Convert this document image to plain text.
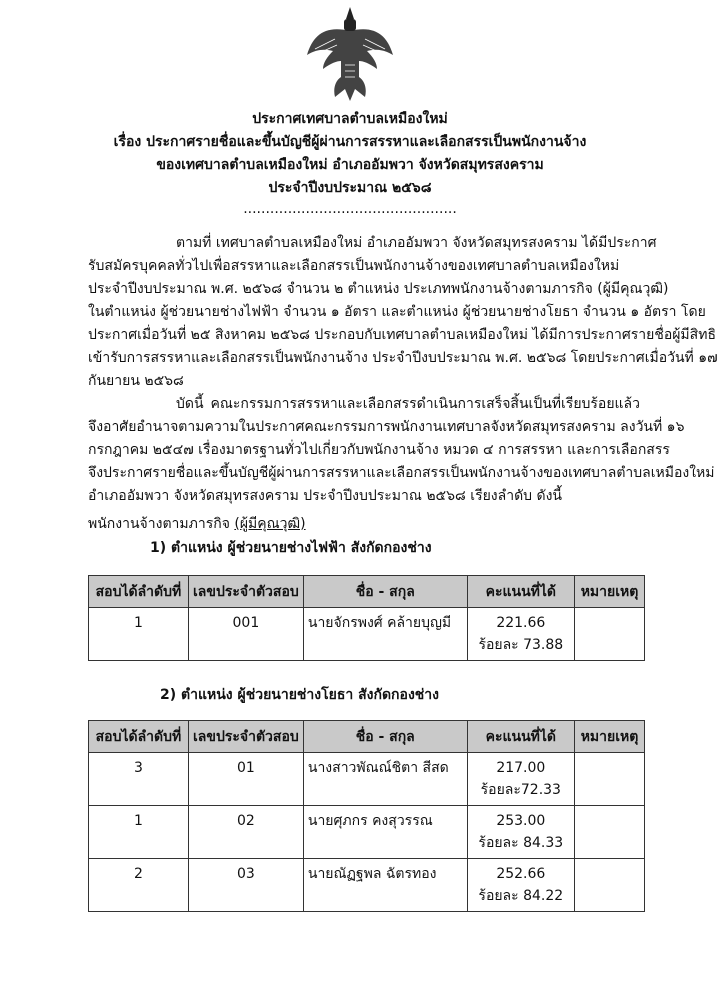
ประกาศเทศบาลตำบลเหมืองใหม่
เรื่อง ประกาศรายชื่อและขึ้นบัญชีผู้ผ่านการสรรหาและเลือกสรรเป็นพนักงานจ้าง
ของเทศบาลตำบลเหมืองใหม่ อำเภออัมพวา จังหวัดสมุทรสงคราม
ประจำปีงบประมาณ ๒๕๖๘
................................................
ตามที่ เทศบาลตำบลเหมืองใหม่ อำเภออัมพวา จังหวัดสมุทรสงคราม ได้มีประกาศ
รับสมัครบุคคลทั่วไปเพื่อสรรหาและเลือกสรรเป็นพนักงานจ้างของเทศบาลตำบลเหมืองใหม่
ประจำปีงบประมาณ พ.ศ. ๒๕๖๘ จำนวน ๒ ตำแหน่ง ประเภทพนักงานจ้างตามภารกิจ (ผู้มีคุณวุฒิ)
ในตำแหน่ง ผู้ช่วยนายช่างไฟฟ้า จำนวน ๑ อัตรา และตำแหน่ง ผู้ช่วยนายช่างโยธา จำนวน ๑ อัตรา โดย
ประกาศเมื่อวันที่ ๒๕ สิงหาคม ๒๕๖๘ ประกอบกับเทศบาลตำบลเหมืองใหม่ ได้มีการประกาศรายชื่อผู้มีสิทธิ
เข้ารับการสรรหาและเลือกสรรเป็นพนักงานจ้าง ประจำปีงบประมาณ พ.ศ. ๒๕๖๘ โดยประกาศเมื่อวันที่ ๑๗
กันยายน ๒๕๖๘
บัดนี้ คณะกรรมการสรรหาและเลือกสรรดำเนินการเสร็จสิ้นเป็นที่เรียบร้อยแล้ว
จึงอาศัยอำนาจตามความในประกาศคณะกรรมการพนักงานเทศบาลจังหวัดสมุทรสงคราม ลงวันที่ ๑๖
กรกฎาคม ๒๕๔๗ เรื่องมาตรฐานทั่วไปเกี่ยวกับพนักงานจ้าง หมวด ๔ การสรรหา และการเลือกสรร
จึงประกาศรายชื่อและขึ้นบัญชีผู้ผ่านการสรรหาและเลือกสรรเป็นพนักงานจ้างของเทศบาลตำบลเหมืองใหม่
อำเภออัมพวา จังหวัดสมุทรสงคราม ประจำปีงบประมาณ ๒๕๖๘ เรียงลำดับ ดังนี้
พนักงานจ้างตามภารกิจ (ผู้มีคุณวุฒิ)
1) ตำแหน่ง ผู้ช่วยนายช่างไฟฟ้า สังกัดกองช่าง
สอบได้ลำดับที่	เลขประจำตัวสอบ	ชื่อ - สกุล	คะแนนที่ได้	หมายเหตุ
1	001	นายจักรพงศ์ คล้ายบุญมี	221.66
ร้อยละ 73.88	

2) ตำแหน่ง ผู้ช่วยนายช่างโยธา สังกัดกองช่าง
สอบได้ลำดับที่	เลขประจำตัวสอบ	ชื่อ - สกุล	คะแนนที่ได้	หมายเหตุ
3	01	นางสาวพัณณ์ชิตา สีสด	217.00
ร้อยละ72.33	

1	02	นายศุภกร คงสุวรรณ	253.00
ร้อยละ 84.33	

2	03	นายณัฏฐพล ฉัตรทอง	252.66
ร้อยละ 84.22	
